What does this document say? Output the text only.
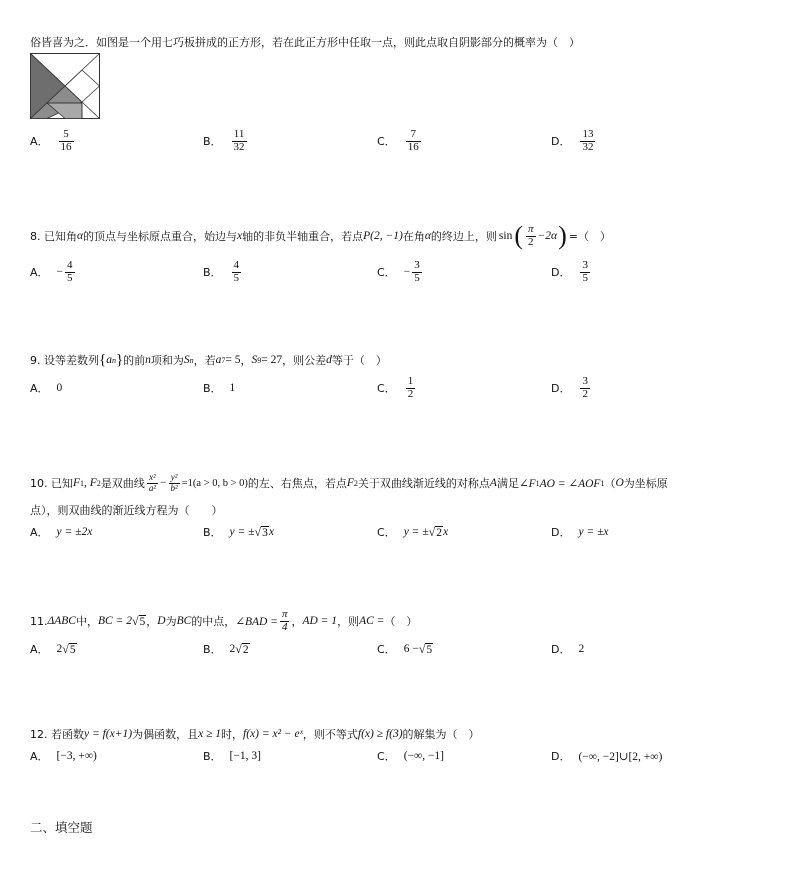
俗皆喜为之．如图是一个用七巧板拼成的正方形，若在此正方形中任取一点，则此点取自阴影部分的概率为（　）
A． $\frac{5}{16}$	B． $\frac{11}{32}$	C． $\frac{7}{16}$	D． $\frac{13}{32}$
8. 已知角 α 的顶点与坐标原点重合，始边与 x 轴的非负半轴重合，若点 P(2, −1) 在角 α 的终边上，则 sin ( $\frac{\pi}{2} -2\alpha$ ) =（　）
A． − $\frac{4}{5}$	B． $\frac{4}{5}$	C． − $\frac{3}{5}$	D． $\frac{3}{5}$
9. 设等差数列 { a n } 的前 n 项和为 S n ，若 a 7 = 5 ， S 9 = 27 ，则公差 d 等于（　）
A． 0	B． 1	C． $\frac{1}{2}$	D． $\frac{3}{2}$
10. 已知 F 1 , F 2 是双曲线 $\frac{\text{x²}}{\text{a²}} - \frac{\text{y²}}{\text{b²}} =1(a > 0$, b > 0) 的左、右焦点，若点 F 2 关于双曲线渐近线的对称点 A 满足 ∠F 1 AO = ∠AOF 1 （ O 为坐标原
点），则双曲线的渐近线方程为（　　）
A． y = ±2x	B． y = ± √ 3 x	C． y = ± √ 2 x	D． y = ±x
11. ΔABC 中， BC = 2 √ 5 ， D 为 BC 的中点， ∠BAD = $\frac{\pi}{4}$ ， AD = 1 ，则 AC = （　）
A． 2 √ 5	B． 2 √ 2	C． 6 − √ 5	D． 2
12. 若函数 y = f(x+1) 为偶函数，且 x ≥ 1 时， f(x) = x² − eˣ ，则不等式 f(x) ≥ f(3) 的解集为（　）
A． [−3, +∞)	B． [−1, 3]	C． (−∞, −1]	D． (−∞, −2]∪[2, +∞)
二、填空题
